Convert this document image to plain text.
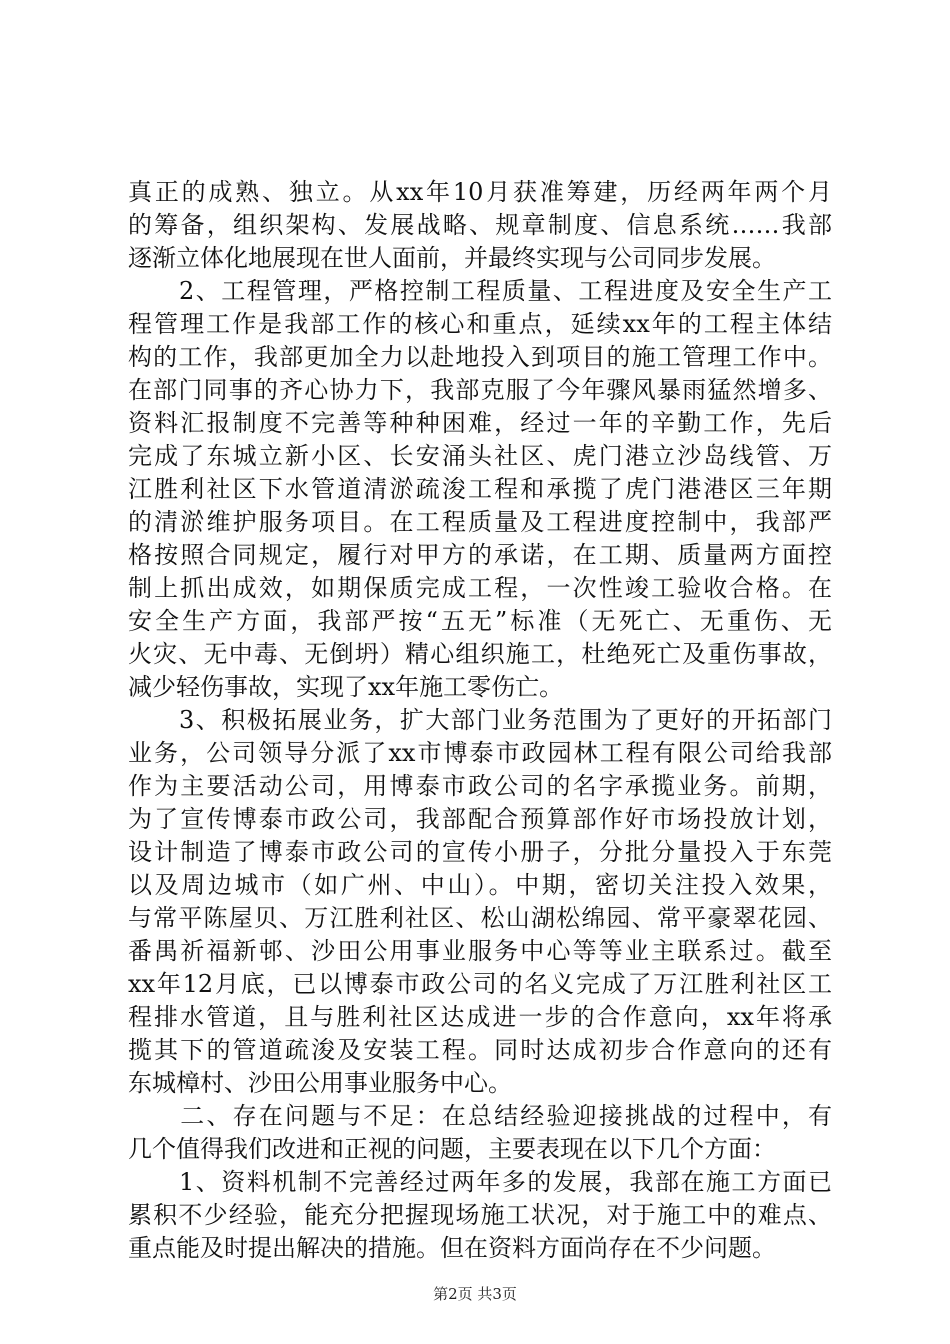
真正的成熟、独立。从xx年10月获准筹建，历经两年两个月
的筹备，组织架构、发展战略、规章制度、信息系统……我部
逐渐立体化地展现在世人面前，并最终实现与公司同步发展。
　　2、工程管理，严格控制工程质量、工程进度及安全生产工
程管理工作是我部工作的核心和重点，延续xx年的工程主体结
构的工作，我部更加全力以赴地投入到项目的施工管理工作中。
在部门同事的齐心协力下，我部克服了今年骤风暴雨猛然增多、
资料汇报制度不完善等种种困难，经过一年的辛勤工作，先后
完成了东城立新小区、长安涌头社区、虎门港立沙岛线管、万
江胜利社区下水管道清淤疏浚工程和承揽了虎门港港区三年期
的清淤维护服务项目。在工程质量及工程进度控制中，我部严
格按照合同规定，履行对甲方的承诺，在工期、质量两方面控
制上抓出成效，如期保质完成工程，一次性竣工验收合格。在
安全生产方面，我部严按“五无”标准（无死亡、无重伤、无
火灾、无中毒、无倒坍）精心组织施工，杜绝死亡及重伤事故，
减少轻伤事故，实现了xx年施工零伤亡。
　　3、积极拓展业务，扩大部门业务范围为了更好的开拓部门
业务，公司领导分派了xx市博泰市政园林工程有限公司给我部
作为主要活动公司，用博泰市政公司的名字承揽业务。前期，
为了宣传博泰市政公司，我部配合预算部作好市场投放计划，
设计制造了博泰市政公司的宣传小册子，分批分量投入于东莞
以及周边城市（如广州、中山）。中期，密切关注投入效果，
与常平陈屋贝、万江胜利社区、松山湖松绵园、常平豪翠花园、
番禺祈福新邨、沙田公用事业服务中心等等业主联系过。截至
xx年12月底，已以博泰市政公司的名义完成了万江胜利社区工
程排水管道，且与胜利社区达成进一步的合作意向，xx年将承
揽其下的管道疏浚及安装工程。同时达成初步合作意向的还有
东城樟村、沙田公用事业服务中心。
　　二、存在问题与不足：在总结经验迎接挑战的过程中，有
几个值得我们改进和正视的问题，主要表现在以下几个方面：
　　1、资料机制不完善经过两年多的发展，我部在施工方面已
累积不少经验，能充分把握现场施工状况，对于施工中的难点、
重点能及时提出解决的措施。但在资料方面尚存在不少问题。
第2页 共3页
